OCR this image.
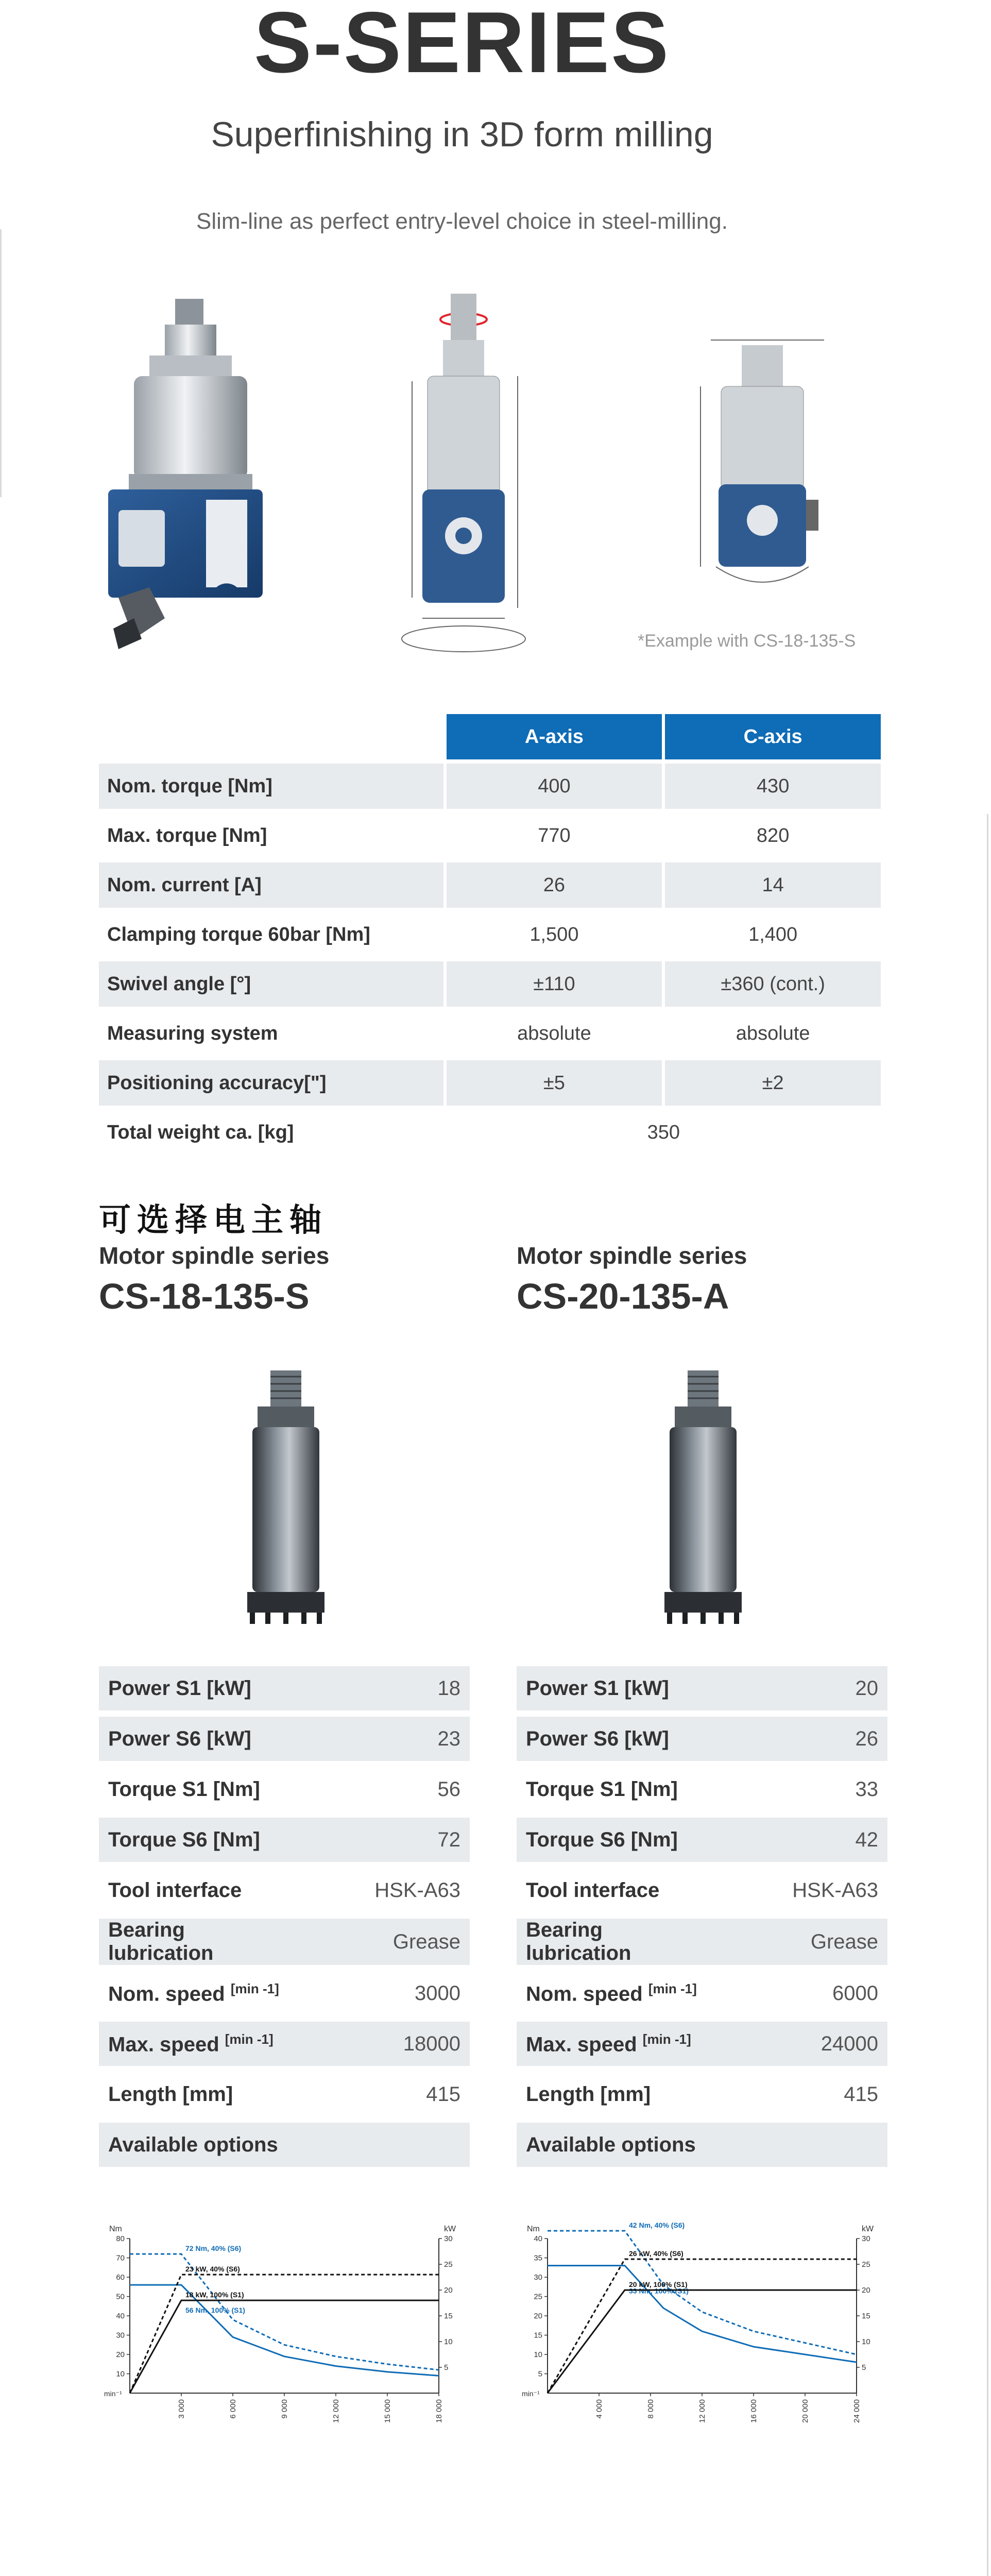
S-SERIES
Superfinishing in 3D form milling
Slim-line as perfect entry-level choice in steel-milling.
*Example with CS-18-135-S
	A-axis	C-axis
Nom. torque [Nm]	400	430
Max. torque [Nm]	770	820
Nom. current [A]	26	14
Clamping torque 60bar [Nm]	1,500	1,400
Swivel angle [°]	±110	±360 (cont.)
Measuring system	absolute	absolute
Positioning accuracy["]	±5	±2
Total weight ca. [kg]	350	
可选择电主轴
Motor spindle series
CS-18-135-S
Power S1 [kW]	18
Power S6 [kW]	23
Torque S1 [Nm]	56
Torque S6 [Nm]	72
Tool interface	HSK-A63
Bearing lubrication	Grease
Nom. speed [min -1]	3000
Max. speed [min -1]	18000
Length [mm]	415
Available options	
Motor spindle series
CS-20-135-A
Power S1 [kW]	20
Power S6 [kW]	26
Torque S1 [Nm]	33
Torque S6 [Nm]	42
Tool interface	HSK-A63
Bearing lubrication	Grease
Nom. speed [min -1]	6000
Max. speed [min -1]	24000
Length [mm]	415
Available options	
Nm	kW
min⁻¹
10
20
30
40
50
60
70
80
5
10
15
20
25
30
3 000	6 000	9 000	12 000	15 000	18 000
72 Nm, 40% (S6)
56 Nm, 100% (S1)
23 kW, 40% (S6)
18 kW, 100% (S1)
Nm	kW
min⁻¹
5
10
15
20
25
30
35
40
5
10
15
20
25
30
4 000	8 000	12 000	16 000	20 000	24 000
42 Nm, 40% (S6)
33 Nm, 100% (S1)
26 kW, 40% (S6)
20 kW, 100% (S1)
